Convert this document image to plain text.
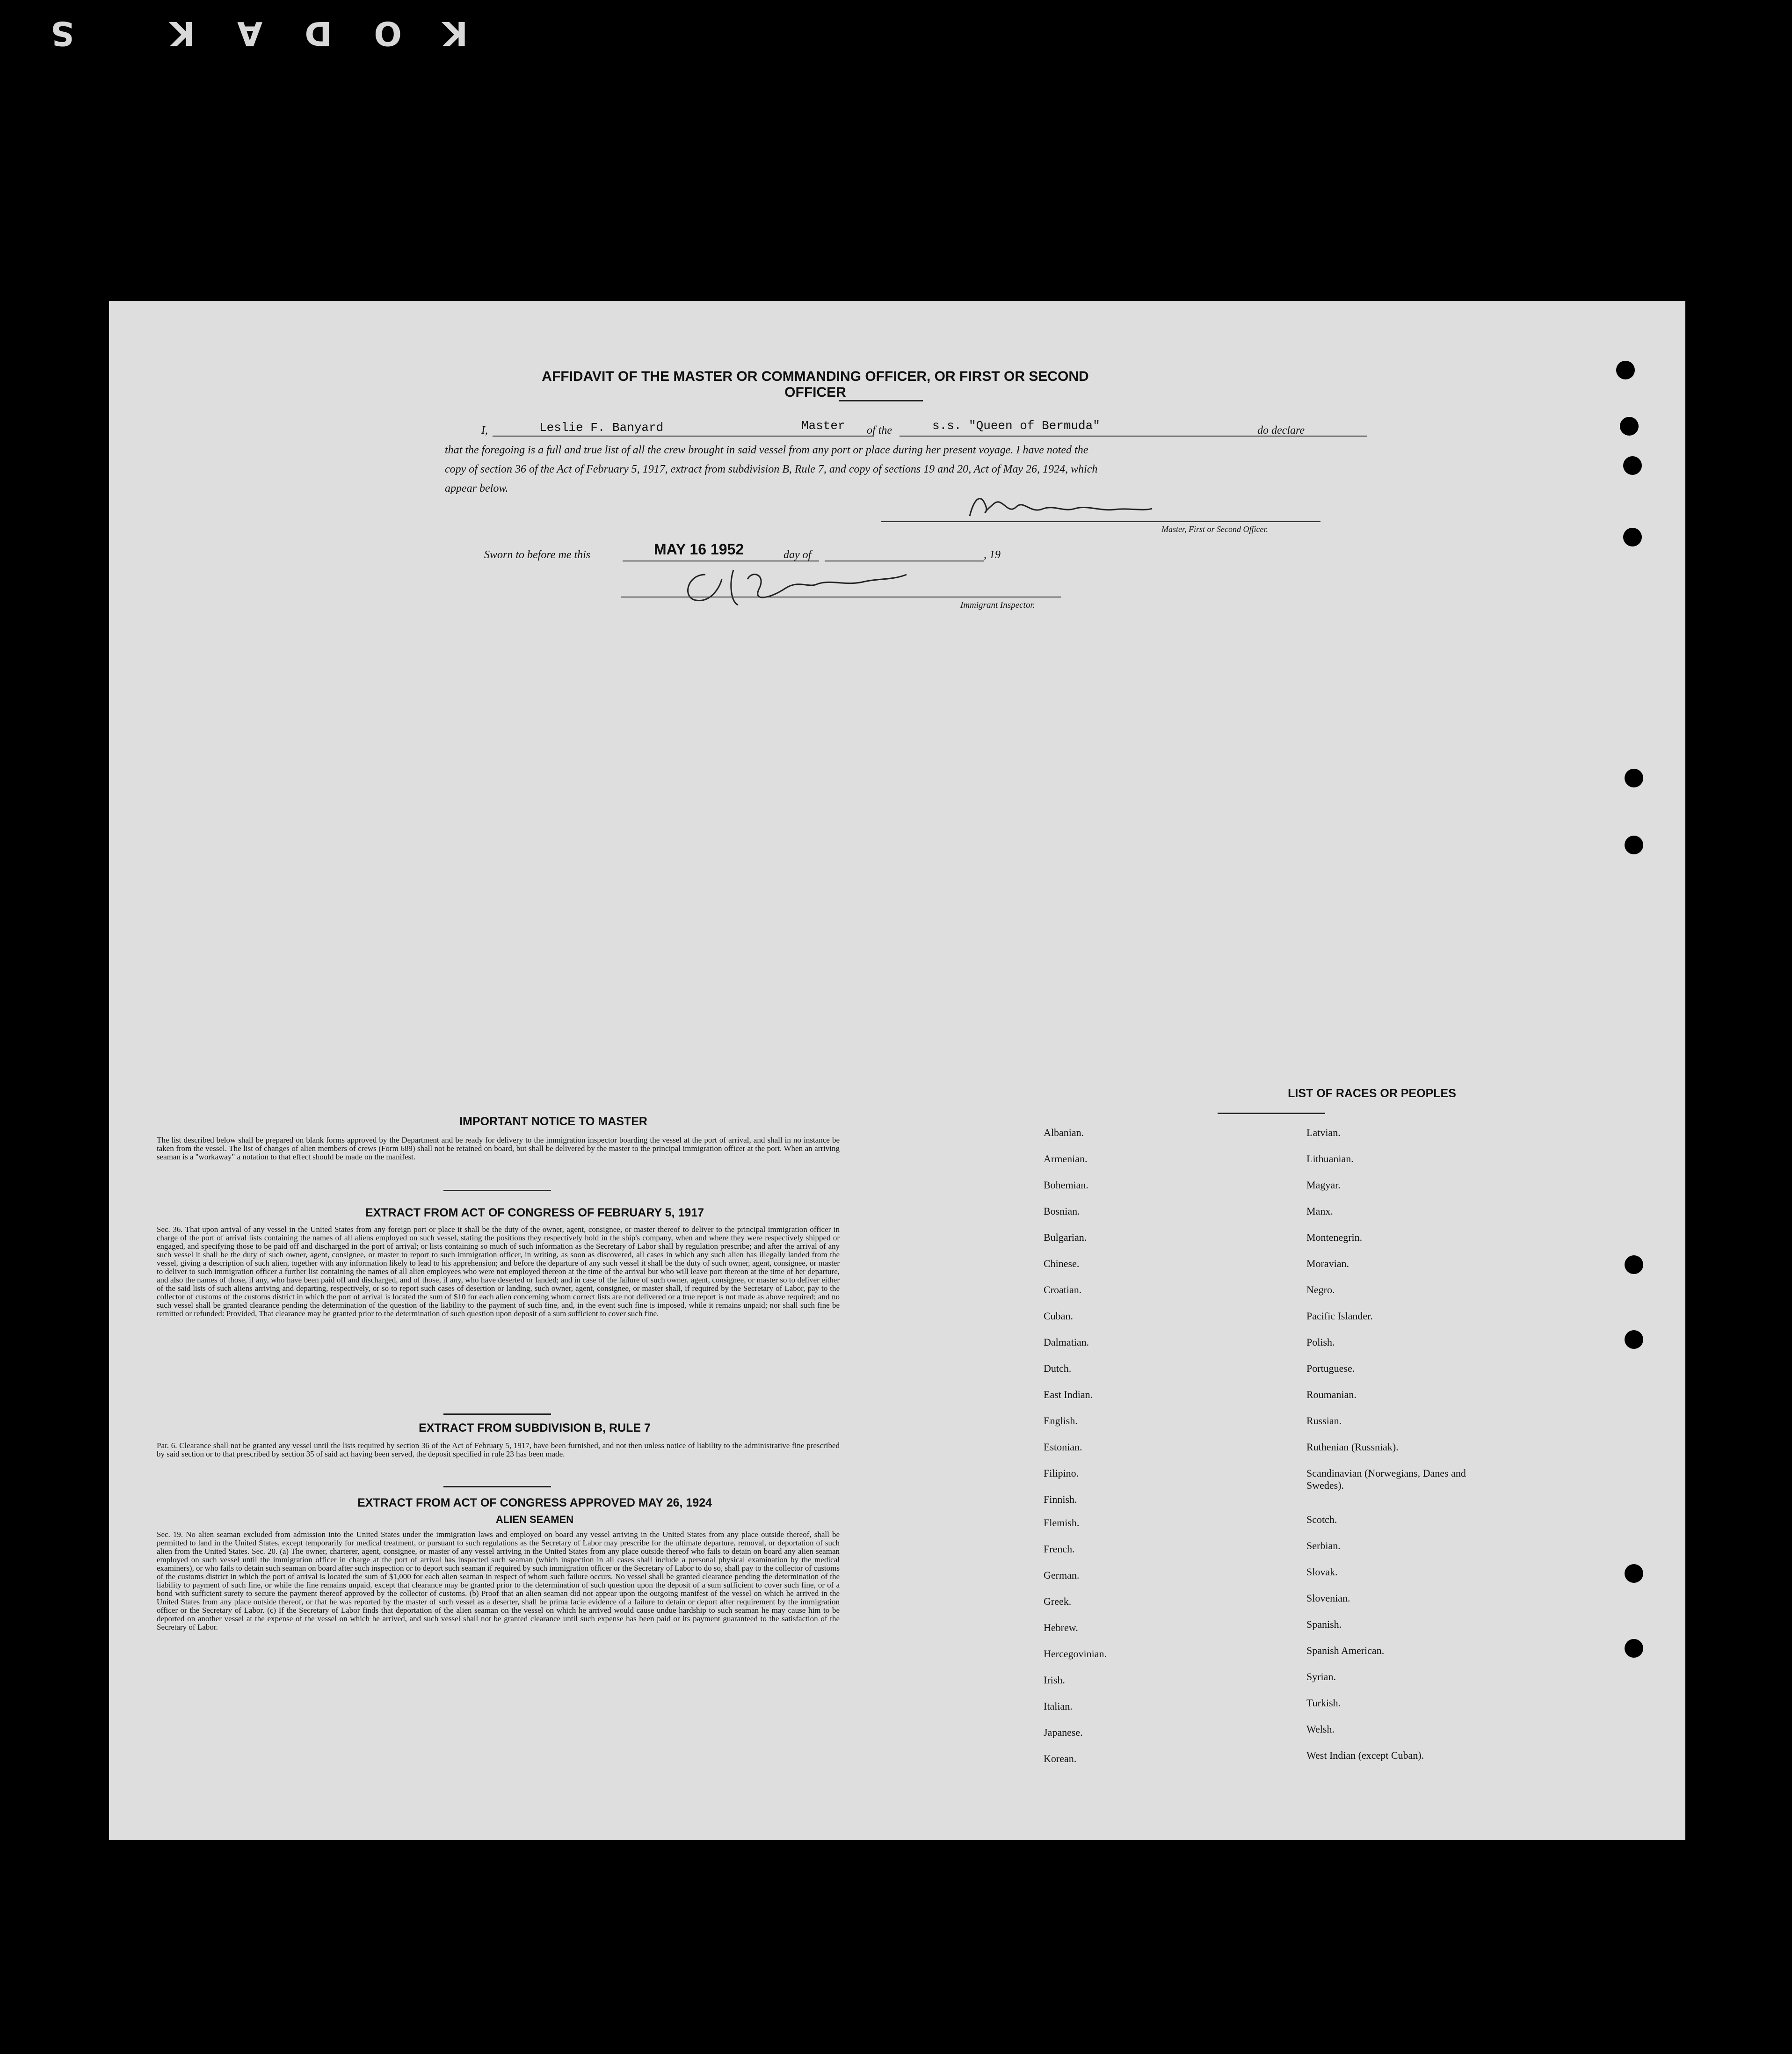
KODAK S
AFFIDAVIT OF THE MASTER OR COMMANDING OFFICER, OR FIRST OR SECOND OFFICER
I,	Leslie F. Banyard	Master of the	s.s. "Queen of Bermuda"	do declare
that the foregoing is a full and true list of all the crew brought in said vessel from any port or place during her present voyage. I have noted the
copy of section 36 of the Act of February 5, 1917, extract from subdivision B, Rule 7, and copy of sections 19 and 20, Act of May 26, 1924, which
appear below.
Master, First or Second Officer.
Sworn to before me this	MAY 16 1952	day of	, 19
Immigrant Inspector.
IMPORTANT NOTICE TO MASTER
The list described below shall be prepared on blank forms approved by the Department and be ready for delivery to the immigration inspector boarding the vessel at the port of arrival, and shall in no instance be taken from the vessel. The list of changes of alien members of crews (Form 689) shall not be retained on board, but shall be delivered by the master to the principal immigration officer at the port. When an arriving seaman is a "workaway" a notation to that effect should be made on the manifest.
EXTRACT FROM ACT OF CONGRESS OF FEBRUARY 5, 1917
Sec. 36. That upon arrival of any vessel in the United States from any foreign port or place it shall be the duty of the owner, agent, consignee, or master thereof to deliver to the principal immigration officer in charge of the port of arrival lists containing the names of all aliens employed on such vessel, stating the positions they respectively hold in the ship's company, when and where they were respectively shipped or engaged, and specifying those to be paid off and discharged in the port of arrival; or lists containing so much of such information as the Secretary of Labor shall by regulation prescribe; and after the arrival of any such vessel it shall be the duty of such owner, agent, consignee, or master to report to such immigration officer, in writing, as soon as discovered, all cases in which any such alien has illegally landed from the vessel, giving a description of such alien, together with any information likely to lead to his apprehension; and before the departure of any such vessel it shall be the duty of such owner, agent, consignee, or master to deliver to such immigration officer a further list containing the names of all alien employees who were not employed thereon at the time of the arrival but who will leave port thereon at the time of her departure, and also the names of those, if any, who have been paid off and discharged, and of those, if any, who have deserted or landed; and in case of the failure of such owner, agent, consignee, or master so to deliver either of the said lists of such aliens arriving and departing, respectively, or so to report such cases of desertion or landing, such owner, agent, consignee, or master shall, if required by the Secretary of Labor, pay to the collector of customs of the customs district in which the port of arrival is located the sum of $10 for each alien concerning whom correct lists are not delivered or a true report is not made as above required; and no such vessel shall be granted clearance pending the determination of the question of the liability to the payment of such fine, and, in the event such fine is imposed, while it remains unpaid; nor shall such fine be remitted or refunded: Provided, That clearance may be granted prior to the determination of such question upon deposit of a sum sufficient to cover such fine.
EXTRACT FROM SUBDIVISION B, RULE 7
Par. 6. Clearance shall not be granted any vessel until the lists required by section 36 of the Act of February 5, 1917, have been furnished, and not then unless notice of liability to the administrative fine prescribed by said section or to that prescribed by section 35 of said act having been served, the deposit specified in rule 23 has been made.
EXTRACT FROM ACT OF CONGRESS APPROVED MAY 26, 1924
ALIEN SEAMEN
Sec. 19. No alien seaman excluded from admission into the United States under the immigration laws and employed on board any vessel arriving in the United States from any place outside thereof, shall be permitted to land in the United States, except temporarily for medical treatment, or pursuant to such regulations as the Secretary of Labor may prescribe for the ultimate departure, removal, or deportation of such alien from the United States. Sec. 20. (a) The owner, charterer, agent, consignee, or master of any vessel arriving in the United States from any place outside thereof who fails to detain on board any alien seaman employed on such vessel until the immigration officer in charge at the port of arrival has inspected such seaman (which inspection in all cases shall include a personal physical examination by the medical examiners), or who fails to detain such seaman on board after such inspection or to deport such seaman if required by such immigration officer or the Secretary of Labor to do so, shall pay to the collector of customs of the customs district in which the port of arrival is located the sum of $1,000 for each alien seaman in respect of whom such failure occurs. No vessel shall be granted clearance pending the determination of the liability to payment of such fine, or while the fine remains unpaid, except that clearance may be granted prior to the determination of such question upon the deposit of a sum sufficient to cover such fine, or of a bond with sufficient surety to secure the payment thereof approved by the collector of customs. (b) Proof that an alien seaman did not appear upon the outgoing manifest of the vessel on which he arrived in the United States from any place outside thereof, or that he was reported by the master of such vessel as a deserter, shall be prima facie evidence of a failure to detain or deport after requirement by the immigration officer or the Secretary of Labor. (c) If the Secretary of Labor finds that deportation of the alien seaman on the vessel on which he arrived would cause undue hardship to such seaman he may cause him to be deported on another vessel at the expense of the vessel on which he arrived, and such vessel shall not be granted clearance until such expense has been paid or its payment guaranteed to the satisfaction of the Secretary of Labor.
LIST OF RACES OR PEOPLES
Albanian.
Armenian.
Bohemian.
Bosnian.
Bulgarian.
Chinese.
Croatian.
Cuban.
Dalmatian.
Dutch.
East Indian.
English.
Estonian.
Filipino.
Finnish.
Flemish.
French.
German.
Greek.
Hebrew.
Hercegovinian.
Irish.
Italian.
Japanese.
Korean.
Latvian.
Lithuanian.
Magyar.
Manx.
Montenegrin.
Moravian.
Negro.
Pacific Islander.
Polish.
Portuguese.
Roumanian.
Russian.
Ruthenian (Russniak).
Scandinavian (Norwegians, Danes and Swedes).
Scotch.
Serbian.
Slovak.
Slovenian.
Spanish.
Spanish American.
Syrian.
Turkish.
Welsh.
West Indian (except Cuban).
